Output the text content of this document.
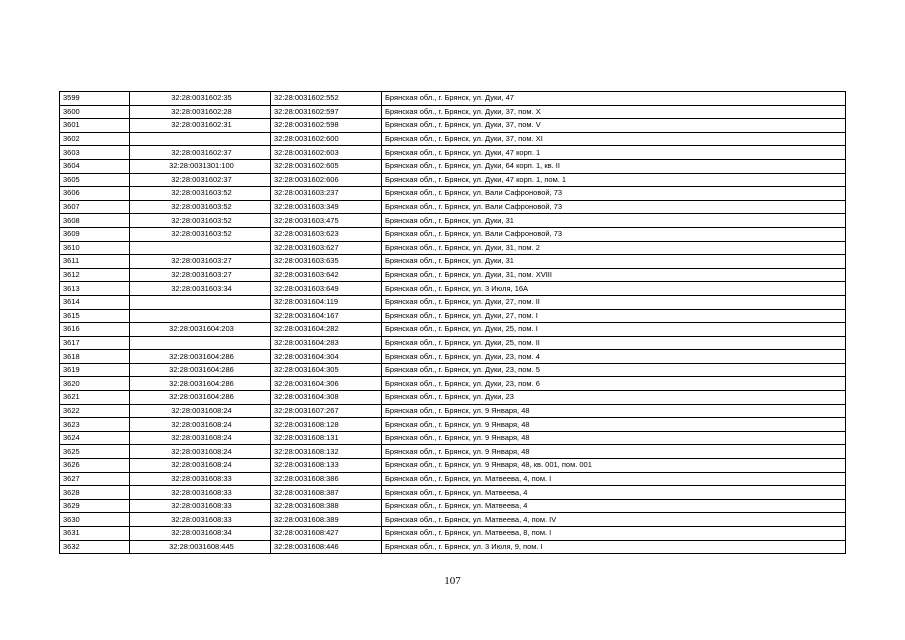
3599	32:28:0031602:35	32:28:0031602:552	Брянская обл., г. Брянск, ул. Дуки, 47
3600	32:28:0031602:28	32:28:0031602:597	Брянская обл., г. Брянск, ул. Дуки, 37, пом. X
3601	32:28:0031602:31	32:28:0031602:598	Брянская обл., г. Брянск, ул. Дуки, 37, пом. V
3602		32:28:0031602:600	Брянская обл., г. Брянск, ул. Дуки, 37, пом. XI
3603	32:28:0031602:37	32:28:0031602:603	Брянская обл., г. Брянск, ул. Дуки, 47 корп. 1
3604	32:28:0031301:100	32:28:0031602:605	Брянская обл., г. Брянск, ул. Дуки, 64 корп. 1, кв. II
3605	32:28:0031602:37	32:28:0031602:606	Брянская обл., г. Брянск, ул. Дуки, 47 корп. 1, пом. 1
3606	32:28:0031603:52	32:28:0031603:237	Брянская обл., г. Брянск, ул. Вали Сафроновой, 73
3607	32:28:0031603:52	32:28:0031603:349	Брянская обл., г. Брянск, ул. Вали Сафроновой, 73
3608	32:28:0031603:52	32:28:0031603:475	Брянская обл., г. Брянск, ул. Дуки, 31
3609	32:28:0031603:52	32:28:0031603:623	Брянская обл., г. Брянск, ул. Вали Сафроновой, 73
3610		32:28:0031603:627	Брянская обл., г. Брянск, ул. Дуки, 31, пом. 2
3611	32:28:0031603:27	32:28:0031603:635	Брянская обл., г. Брянск, ул. Дуки, 31
3612	32:28:0031603:27	32:28:0031603:642	Брянская обл., г. Брянск, ул. Дуки, 31, пом. XVIII
3613	32:28:0031603:34	32:28:0031603:649	Брянская обл., г. Брянск, ул. 3 Июля, 16А
3614		32:28:0031604:119	Брянская обл., г. Брянск, ул. Дуки, 27, пом. II
3615		32:28:0031604:167	Брянская обл., г. Брянск, ул. Дуки, 27, пом. I
3616	32:28:0031604:203	32:28:0031604:282	Брянская обл., г. Брянск, ул. Дуки, 25, пом. I
3617		32:28:0031604:283	Брянская обл., г. Брянск, ул. Дуки, 25, пом. II
3618	32:28:0031604:286	32:28:0031604:304	Брянская обл., г. Брянск, ул. Дуки, 23, пом. 4
3619	32:28:0031604:286	32:28:0031604:305	Брянская обл., г. Брянск, ул. Дуки, 23, пом. 5
3620	32:28:0031604:286	32:28:0031604:306	Брянская обл., г. Брянск, ул. Дуки, 23, пом. 6
3621	32:28:0031604:286	32:28:0031604:308	Брянская обл., г. Брянск, ул. Дуки, 23
3622	32:28:0031608:24	32:28:0031607:267	Брянская обл., г. Брянск, ул. 9 Января, 48
3623	32:28:0031608:24	32:28:0031608:128	Брянская обл., г. Брянск, ул. 9 Января, 48
3624	32:28:0031608:24	32:28:0031608:131	Брянская обл., г. Брянск, ул. 9 Января, 48
3625	32:28:0031608:24	32:28:0031608:132	Брянская обл., г. Брянск, ул. 9 Января, 48
3626	32:28:0031608:24	32:28:0031608:133	Брянская обл., г. Брянск, ул. 9 Января, 48, кв. 001, пом. 001
3627	32:28:0031608:33	32:28:0031608:386	Брянская обл., г. Брянск, ул. Матвеева, 4, пом. I
3628	32:28:0031608:33	32:28:0031608:387	Брянская обл., г. Брянск, ул. Матвеева, 4
3629	32:28:0031608:33	32:28:0031608:388	Брянская обл., г. Брянск, ул. Матвеева, 4
3630	32:28:0031608:33	32:28:0031608:389	Брянская обл., г. Брянск, ул. Матвеева, 4, пом. IV
3631	32:28:0031608:34	32:28:0031608:427	Брянская обл., г. Брянск, ул. Матвеева, 8, пом. I
3632	32:28:0031608:445	32:28:0031608:446	Брянская обл., г. Брянск, ул. 3 Июля, 9, пом. I
107
